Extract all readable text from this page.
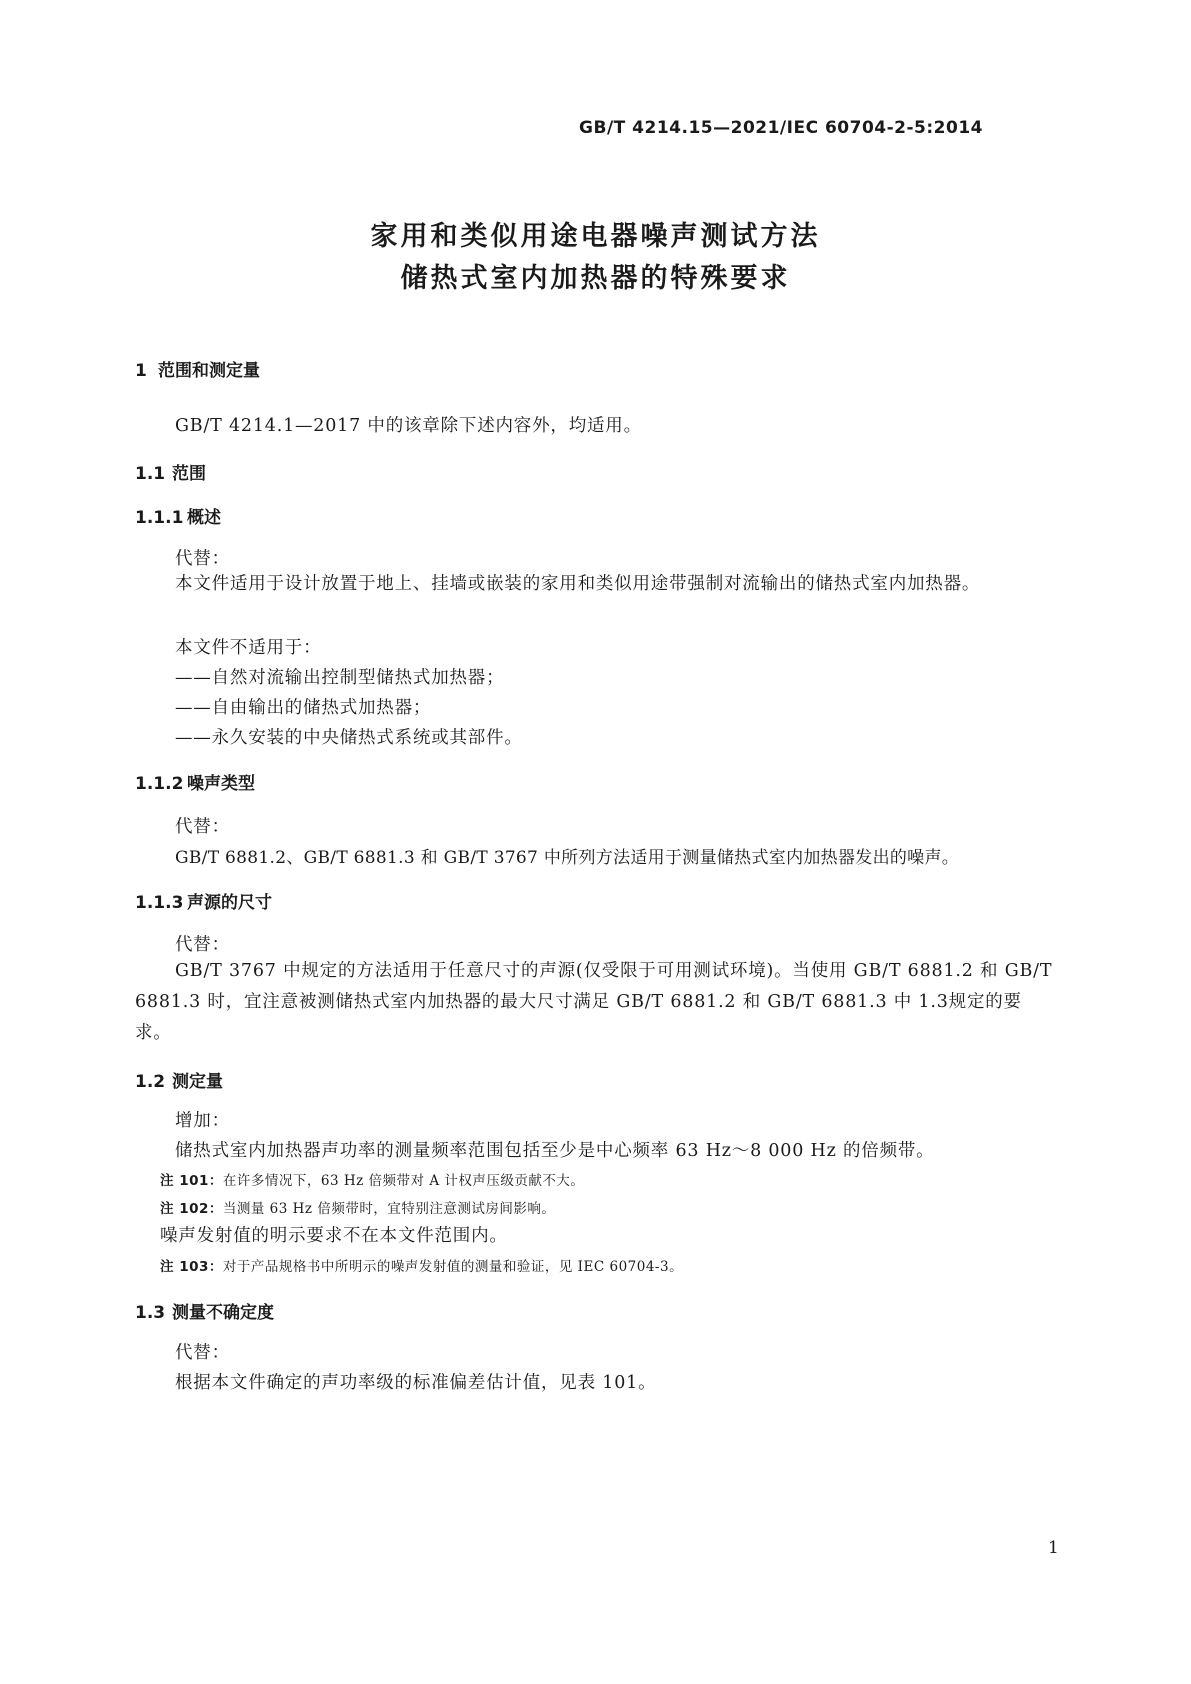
GB/T 4214.15—2021/IEC 60704-2-5:2014
家用和类似用途电器噪声测试方法
储热式室内加热器的特殊要求
1 范围和测定量
GB/T 4214.1—2017 中的该章除下述内容外，均适用。
1.1 范围
1.1.1 概述
代替：
本文件适用于设计放置于地上、挂墙或嵌装的家用和类似用途带强制对流输出的储热式室内加热器。
本文件不适用于：
——自然对流输出控制型储热式加热器；
——自由输出的储热式加热器；
——永久安装的中央储热式系统或其部件。
1.1.2 噪声类型
代替：
GB/T 6881.2、GB/T 6881.3 和 GB/T 3767 中所列方法适用于测量储热式室内加热器发出的噪声。
1.1.3 声源的尺寸
代替：
GB/T 3767 中规定的方法适用于任意尺寸的声源(仅受限于可用测试环境)。当使用 GB/T 6881.2 和 GB/T 6881.3 时，宜注意被测储热式室内加热器的最大尺寸满足 GB/T 6881.2 和 GB/T 6881.3 中 1.3规定的要求。
1.2 测定量
增加：
储热式室内加热器声功率的测量频率范围包括至少是中心频率 63 Hz～8 000 Hz 的倍频带。
注 101：在许多情况下，63 Hz 倍频带对 A 计权声压级贡献不大。
注 102：当测量 63 Hz 倍频带时，宜特别注意测试房间影响。
噪声发射值的明示要求不在本文件范围内。
注 103：对于产品规格书中所明示的噪声发射值的测量和验证，见 IEC 60704-3。
1.3 测量不确定度
代替：
根据本文件确定的声功率级的标准偏差估计值，见表 101。
1
